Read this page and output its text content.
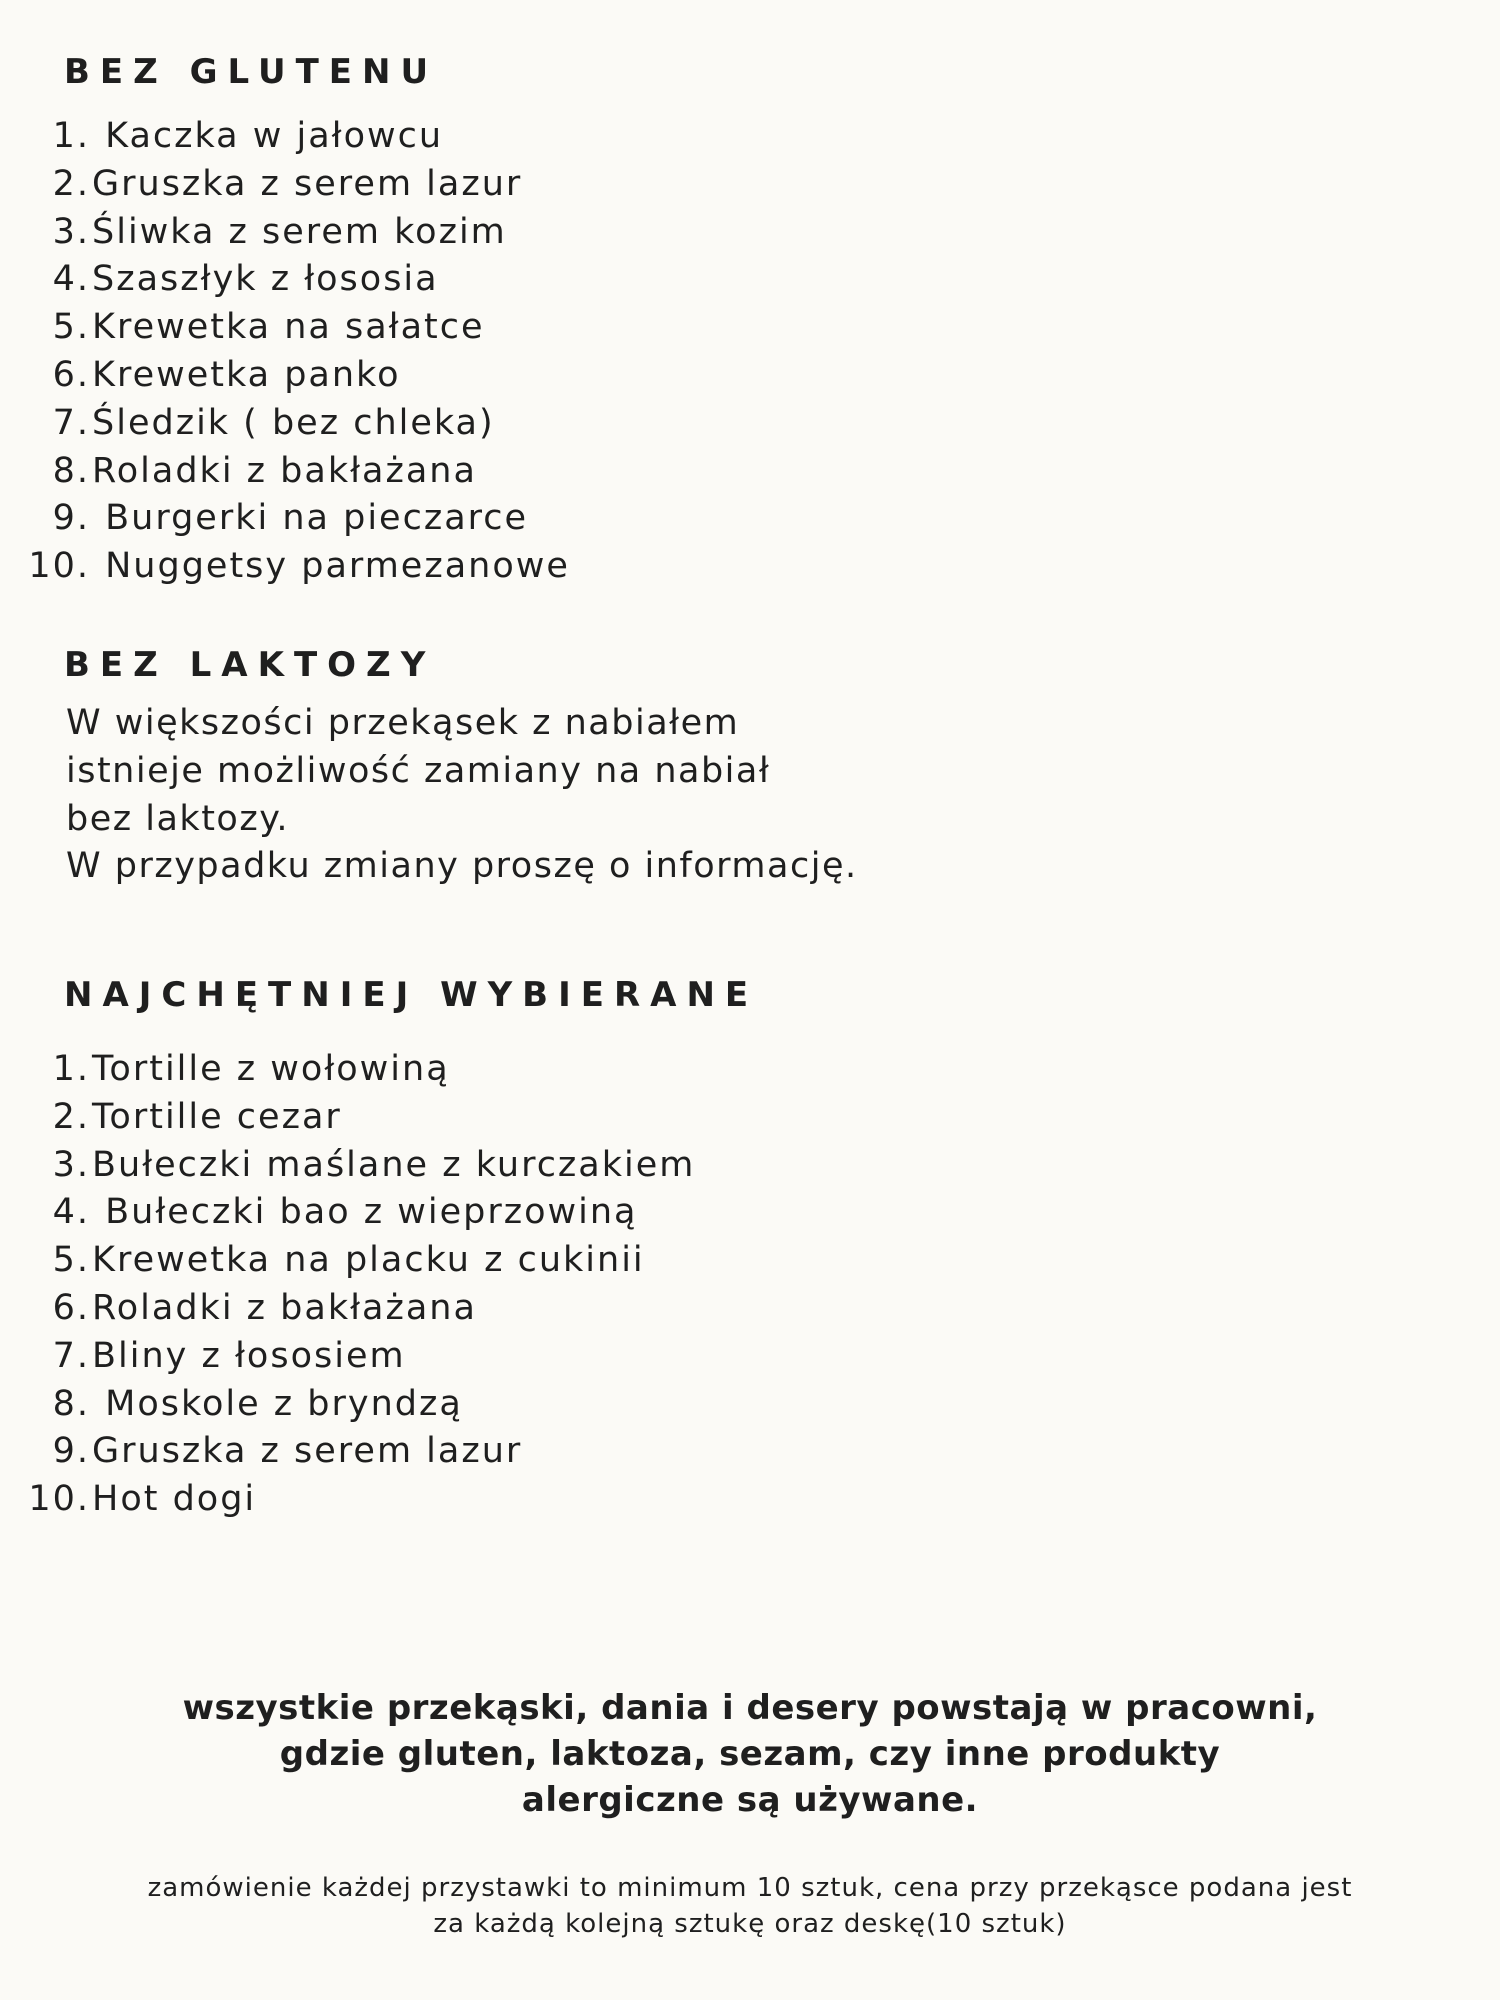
BEZ GLUTENU
1. Kaczka w jałowcu
2. Gruszka z serem lazur
3. Śliwka z serem kozim
4. Szaszłyk z łososia
5. Krewetka na sałatce
6. Krewetka panko
7. Śledzik ( bez chleka)
8. Roladki z bakłażana
9. Burgerki na pieczarce
10. Nuggetsy parmezanowe
BEZ LAKTOZY

W większości przekąsek z nabiałem
istnieje możliwość zamiany na nabiał
bez laktozy.
W przypadku zmiany proszę o informację.

NAJCHĘTNIEJ WYBIERANE
1. Tortille z wołowiną
2. Tortille cezar
3. Bułeczki maślane z kurczakiem
4. Bułeczki bao z wieprzowiną
5. Krewetka na placku z cukinii
6. Roladki z bakłażana
7. Bliny z łososiem
8. Moskole z bryndzą
9. Gruszka z serem lazur
10. Hot dogi
wszystkie przekąski, dania i desery powstają w pracowni,
gdzie gluten, laktoza, sezam, czy inne produkty
alergiczne są używane.
zamówienie każdej przystawki to minimum 10 sztuk, cena przy przekąsce podana jest
za każdą kolejną sztukę oraz deskę(10 sztuk)
